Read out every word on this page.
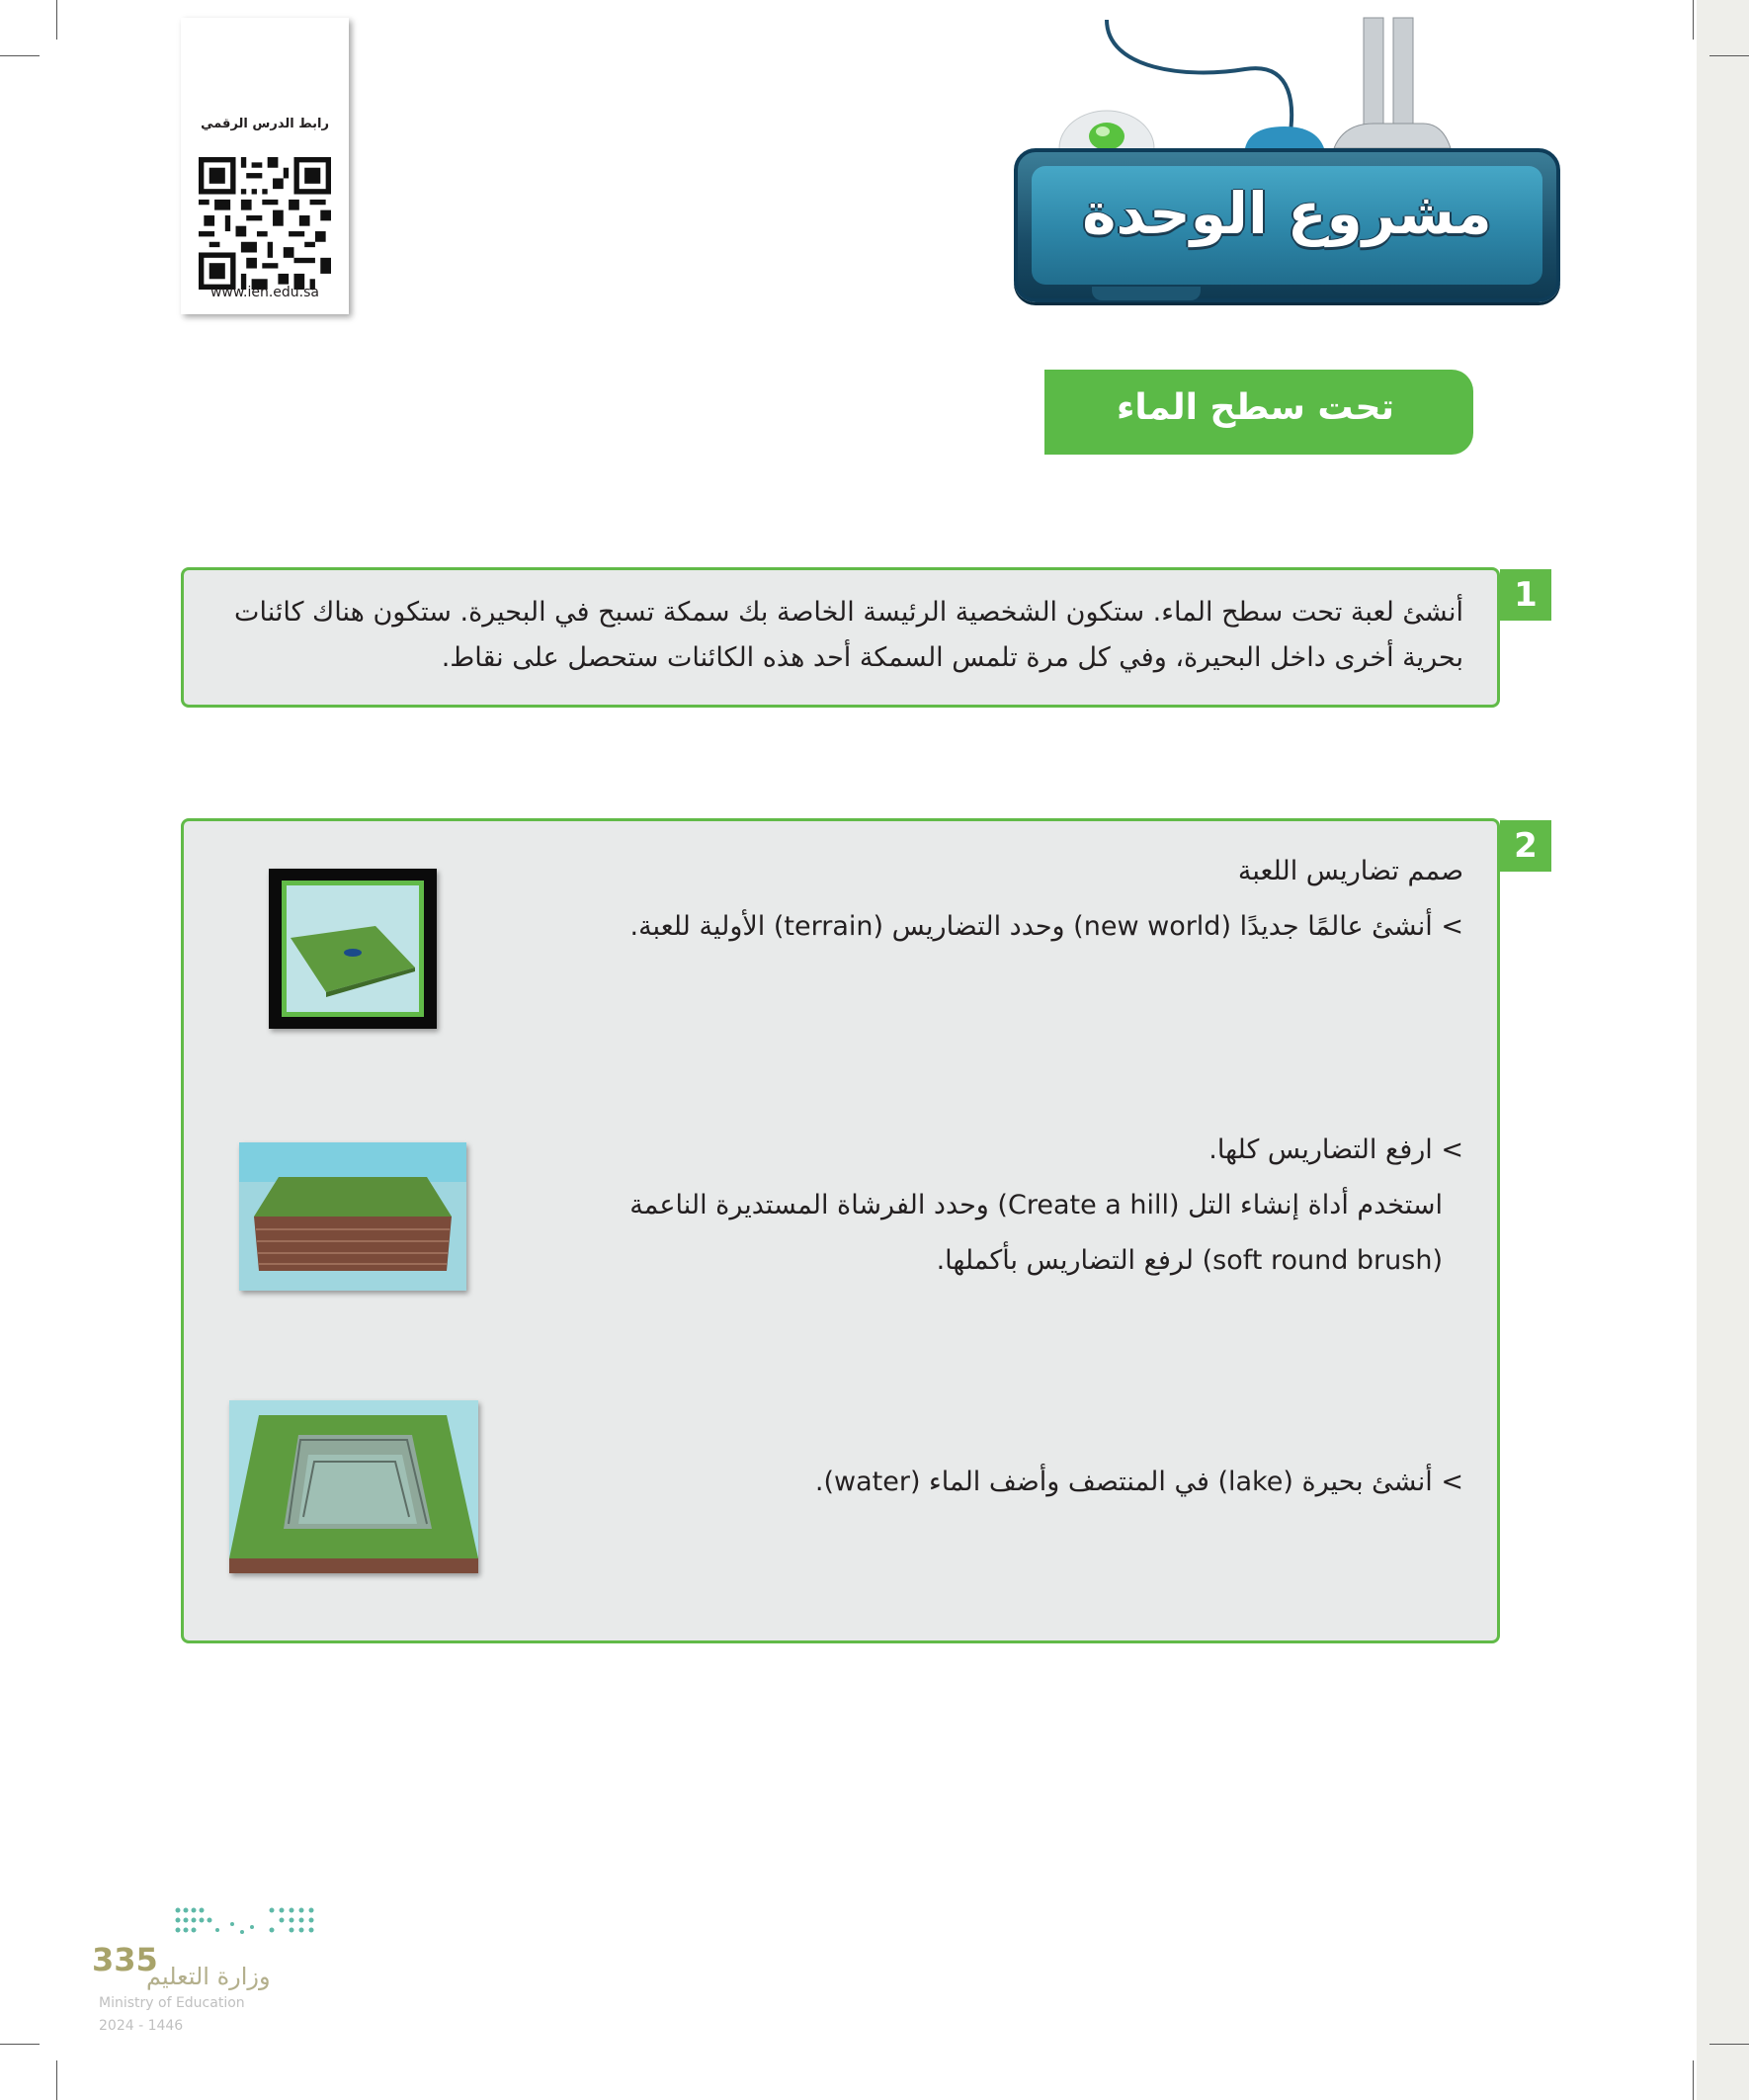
رابط الدرس الرقمي
www.ien.edu.sa
مشروع الوحدة
تحت سطح الماء
أنشئ لعبة تحت سطح الماء. ستكون الشخصية الرئيسة الخاصة بك سمكة تسبح في البحيرة. ستكون هناك كائنات
بحرية أخرى داخل البحيرة، وفي كل مرة تلمس السمكة أحد هذه الكائنات ستحصل على نقاط.
1
صمم تضاريس اللعبة
> أنشئ عالمًا جديدًا (new world) وحدد التضاريس (terrain) الأولية للعبة.
> ارفع التضاريس كلها.
استخدم أداة إنشاء التل (Create a hill) وحدد الفرشاة المستديرة الناعمة
(soft round brush) لرفع التضاريس بأكملها.
> أنشئ بحيرة (lake) في المنتصف وأضف الماء (water).
2
335
وزارة التعليم
Ministry of Education
2024 - 1446
